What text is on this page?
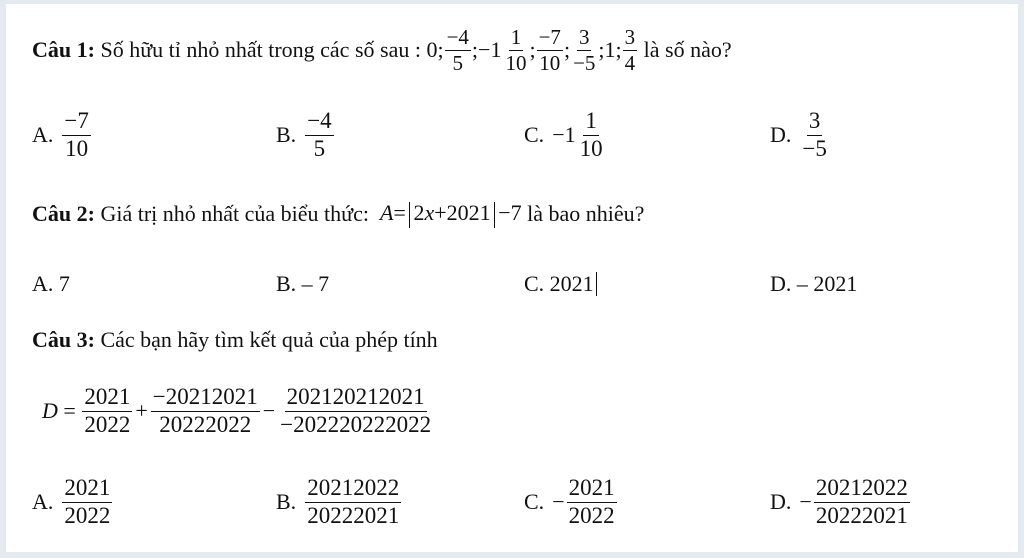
Câu 1:
Số hữu tỉ nhỏ nhất trong các số sau :
0; $\frac{-4}{5}$ ; $-1 \frac{1}{10}$ ; $\frac{-7}{10}$ ; $\frac{3}{-5}$ ;1; $\frac{3}{4}$
là số nào?
A. $\frac{-7}{10}$	B. $\frac{-4}{5}$	C. $-1 \frac{1}{10}$	D. $\frac{3}{-5}$
Câu 2:
Giá trị nhỏ nhất của biểu thức:
A= 2x+2021 −7
là bao nhiêu?
A. 7	B. – 7	C. 2021	D. – 2021
Câu 3:
Các bạn hãy tìm kết quả của phép tính
D
=
$\frac{2021}{2022} + \frac{-20212021}{20222022} - \frac{202120212021}{-202220222022}$
A. $\frac{2021}{2022}$	B. $\frac{20212022}{20222021}$	C. − $\frac{2021}{2022}$	D. − $\frac{20212022}{20222021}$
